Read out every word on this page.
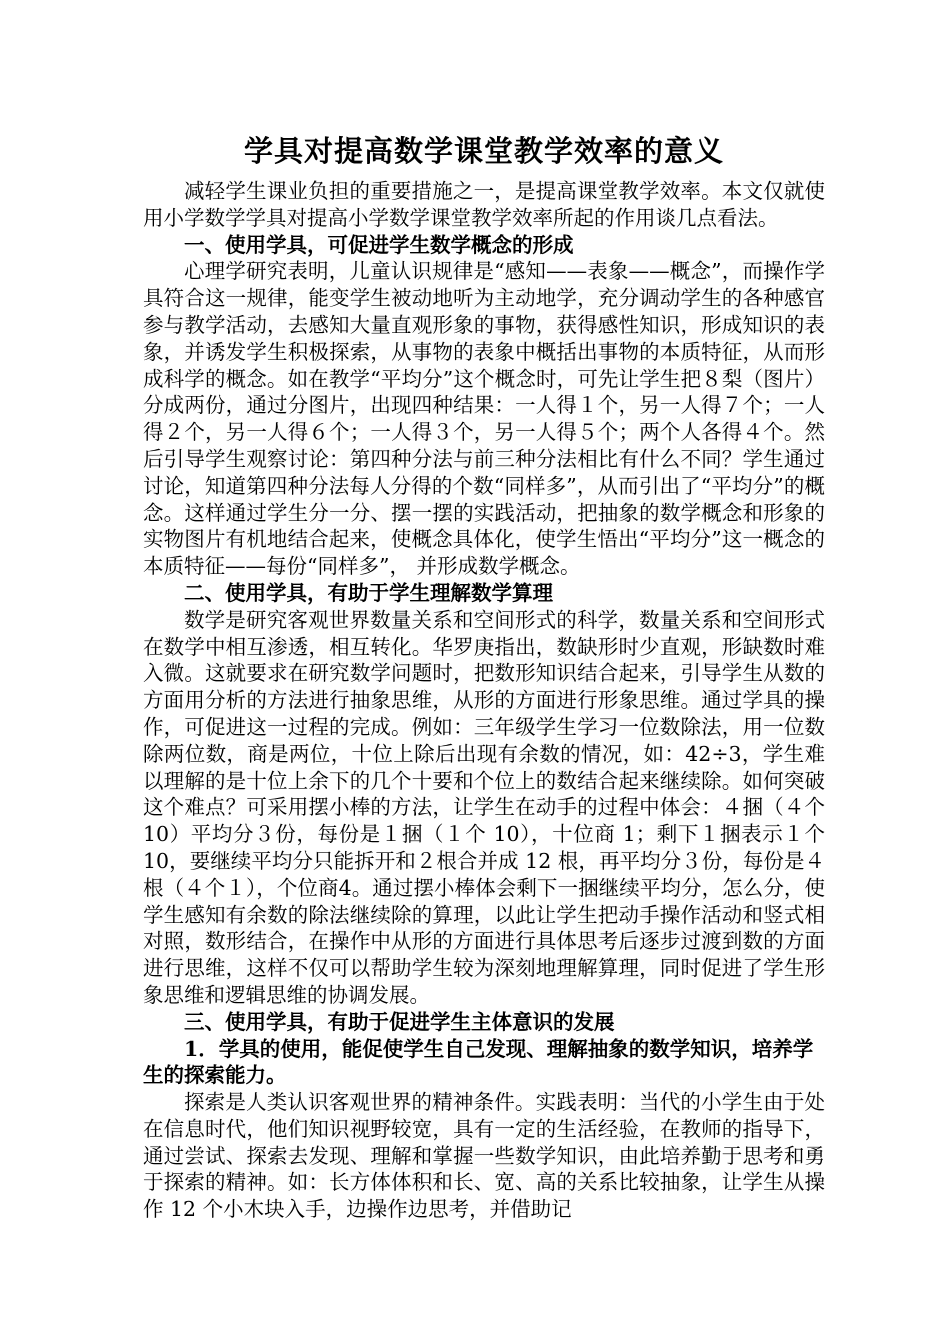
学具对提高数学课堂教学效率的意义

减轻学生课业负担的重要措施之一，是提高课堂教学效率。本文仅就使用小学数学学具对提高小学数学课堂教学效率所起的作用谈几点看法。

一、使用学具，可促进学生数学概念的形成

心理学研究表明，儿童认识规律是“感知——表象——概念”，而操作学具符合这一规律，能变学生被动地听为主动地学，充分调动学生的各种感官参与教学活动，去感知大量直观形象的事物，获得感性知识，形成知识的表象，并诱发学生积极探索，从事物的表象中概括出事物的本质特征，从而形成科学的概念。如在教学“平均分”这个概念时，可先让学生把８梨（图片）分成两份，通过分图片，出现四种结果：一人得１个，另一人得７个；一人得２个，另一人得６个；一人得３个，另一人得５个；两个人各得４个。然后引导学生观察讨论：第四种分法与前三种分法相比有什么不同？学生通过讨论，知道第四种分法每人分得的个数“同样多”，从而引出了“平均分”的概念。这样通过学生分一分、摆一摆的实践活动，把抽象的数学概念和形象的实物图片有机地结合起来，使概念具体化，使学生悟出“平均分”这一概念的本质特征——每份“同样多”， 并形成数学概念。

二、使用学具，有助于学生理解数学算理

数学是研究客观世界数量关系和空间形式的科学，数量关系和空间形式在数学中相互渗透，相互转化。华罗庚指出，数缺形时少直观，形缺数时难入微。这就要求在研究数学问题时，把数形知识结合起来，引导学生从数的方面用分析的方法进行抽象思维，从形的方面进行形象思维。通过学具的操作，可促进这一过程的完成。例如：三年级学生学习一位数除法，用一位数除两位数，商是两位，十位上除后出现有余数的情况，如：42÷3，学生难以理解的是十位上余下的几个十要和个位上的数结合起来继续除。如何突破这个难点？可采用摆小棒的方法，让学生在动手的过程中体会：４捆（４个 10）平均分３份，每份是１捆（１个 10），十位商 1；剩下１捆表示１个 10，要继续平均分只能拆开和２根合并成 12 根，再平均分３份，每份是４根（４个１），个位商4。通过摆小棒体会剩下一捆继续平均分，怎么分，使学生感知有余数的除法继续除的算理，以此让学生把动手操作活动和竖式相对照，数形结合，在操作中从形的方面进行具体思考后逐步过渡到数的方面进行思维，这样不仅可以帮助学生较为深刻地理解算理，同时促进了学生形象思维和逻辑思维的协调发展。

三、使用学具，有助于促进学生主体意识的发展

1．学具的使用，能促使学生自己发现、理解抽象的数学知识，培养学生的探索能力。

探索是人类认识客观世界的精神条件。实践表明：当代的小学生由于处在信息时代，他们知识视野较宽，具有一定的生活经验，在教师的指导下，通过尝试、探索去发现、理解和掌握一些数学知识，由此培养勤于思考和勇于探索的精神。如：长方体体积和长、宽、高的关系比较抽象，让学生从操作 12 个小木块入手，边操作边思考，并借助记
